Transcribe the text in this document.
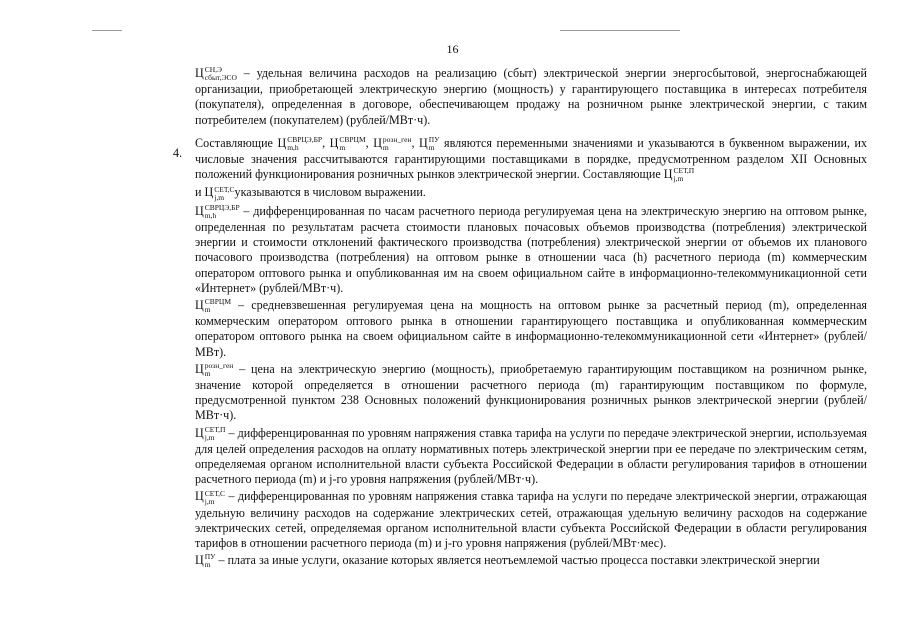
16
4.

Ц СН,Э
сбыт,ЭСО – удельная величина расходов на реализацию (сбыт) электрической энергии энергосбытовой, энергоснабжающей организации, приобретающей электрическую энергию (мощность) у гарантирующего поставщика в интересах потребителя (покупателя), определенная в договоре, обеспечивающем продажу на розничном рынке электрической энергии, с таким потребителем (покупателем) (рублей/МВт·ч).

Составляющие Ц СВРЦЭ,БР
m,h	, Ц СВРЦМ
m	, Ц розн_ген
m	, Ц ПУ
m являются переменными значениями и указываются в буквенном выражении, их числовые значения рассчитываются гарантирующими поставщиками в порядке, предусмотренном разделом XII Основных положений функционирования розничных рынков электрической энергии. Составляющие Ц СЕТ,П
j,m

и Ц СЕТ,С
j,m указываются в числовом выражении.

Ц СВРЦЭ,БР
m,h	– дифференцированная по часам расчетного периода регулируемая цена на электрическую энергию на оптовом рынке, определенная по результатам расчета стоимости плановых почасовых объемов производства (потребления) электрической энергии и стоимости отклонений фактического производства (потребления) электрической энергии от объемов их планового почасового производства (потребления) на оптовом рынке в отношении часа (h) расчетного периода (m) коммерческим оператором оптового рынка и опубликованная им на своем официальном сайте в информационно-телекоммуникационной сети «Интернет» (рублей/МВт·ч).

Ц СВРЦМ
m	– средневзвешенная регулируемая цена на мощность на оптовом рынке за расчетный период (m), определенная коммерческим оператором оптового рынка в отношении гарантирующего поставщика и опубликованная коммерческим оператором оптового рынка на своем официальном сайте в информационно-телекоммуникационной сети «Интернет» (рублей/МВт).

Ц розн_ген
m	– цена на электрическую энергию (мощность), приобретаемую гарантирующим поставщиком на розничном рынке, значение которой определяется в отношении расчетного периода (m) гарантирующим поставщиком по формуле, предусмотренной пунктом 238 Основных положений функционирования розничных рынков электрической энергии (рублей/МВт·ч).

Ц СЕТ,П
j,m – дифференцированная по уровням напряжения ставка тарифа на услуги по передаче электрической энергии, используемая для целей определения расходов на оплату нормативных потерь электрической энергии при ее передаче по электрическим сетям, определяемая органом исполнительной власти субъекта Российской Федерации в области регулирования тарифов в отношении расчетного периода (m) и j-го уровня напряжения (рублей/МВт·ч).

Ц СЕТ,С
j,m – дифференцированная по уровням напряжения ставка тарифа на услуги по передаче электрической энергии, отражающая удельную величину расходов на содержание электрических сетей, отражающая удельную величину расходов на содержание электрических сетей, определяемая органом исполнительной власти субъекта Российской Федерации в области регулирования тарифов в отношении расчетного периода (m) и j-го уровня напряжения (рублей/МВт·мес).

Ц ПУ
m – плата за иные услуги, оказание которых является неотъемлемой частью процесса поставки электрической энергии
